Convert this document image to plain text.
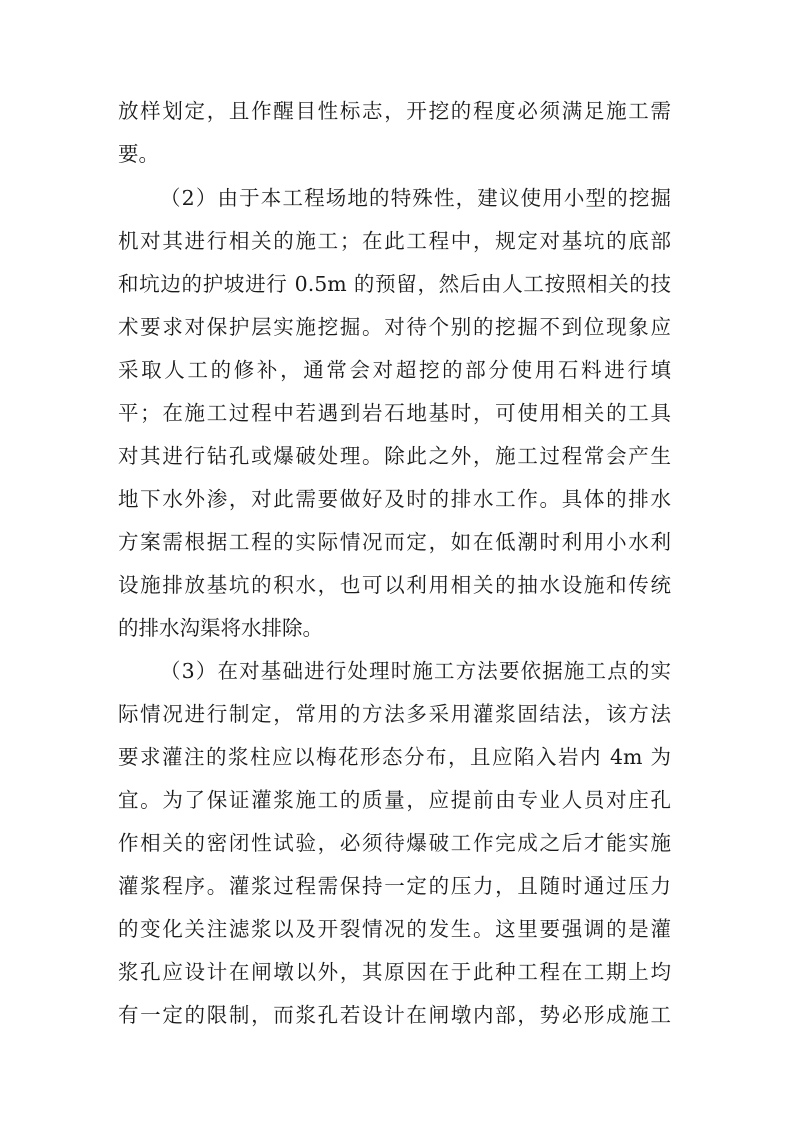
放样划定，且作醒目性标志，开挖的程度必须满足施工需
要。
（2）由于本工程场地的特殊性，建议使用小型的挖掘
机对其进行相关的施工；在此工程中，规定对基坑的底部
和坑边的护坡进行 0.5m 的预留，然后由人工按照相关的技
术要求对保护层实施挖掘。对待个别的挖掘不到位现象应
采取人工的修补，通常会对超挖的部分使用石料进行填
平；在施工过程中若遇到岩石地基时，可使用相关的工具
对其进行钻孔或爆破处理。除此之外，施工过程常会产生
地下水外渗，对此需要做好及时的排水工作。具体的排水
方案需根据工程的实际情况而定，如在低潮时利用小水利
设施排放基坑的积水，也可以利用相关的抽水设施和传统
的排水沟渠将水排除。
（3）在对基础进行处理时施工方法要依据施工点的实
际情况进行制定，常用的方法多采用灌浆固结法，该方法
要求灌注的浆柱应以梅花形态分布，且应陷入岩内 4m 为
宜。为了保证灌浆施工的质量，应提前由专业人员对庄孔
作相关的密闭性试验，必须待爆破工作完成之后才能实施
灌浆程序。灌浆过程需保持一定的压力，且随时通过压力
的变化关注滤浆以及开裂情况的发生。这里要强调的是灌
浆孔应设计在闸墩以外，其原因在于此种工程在工期上均
有一定的限制，而浆孔若设计在闸墩内部，势必形成施工
